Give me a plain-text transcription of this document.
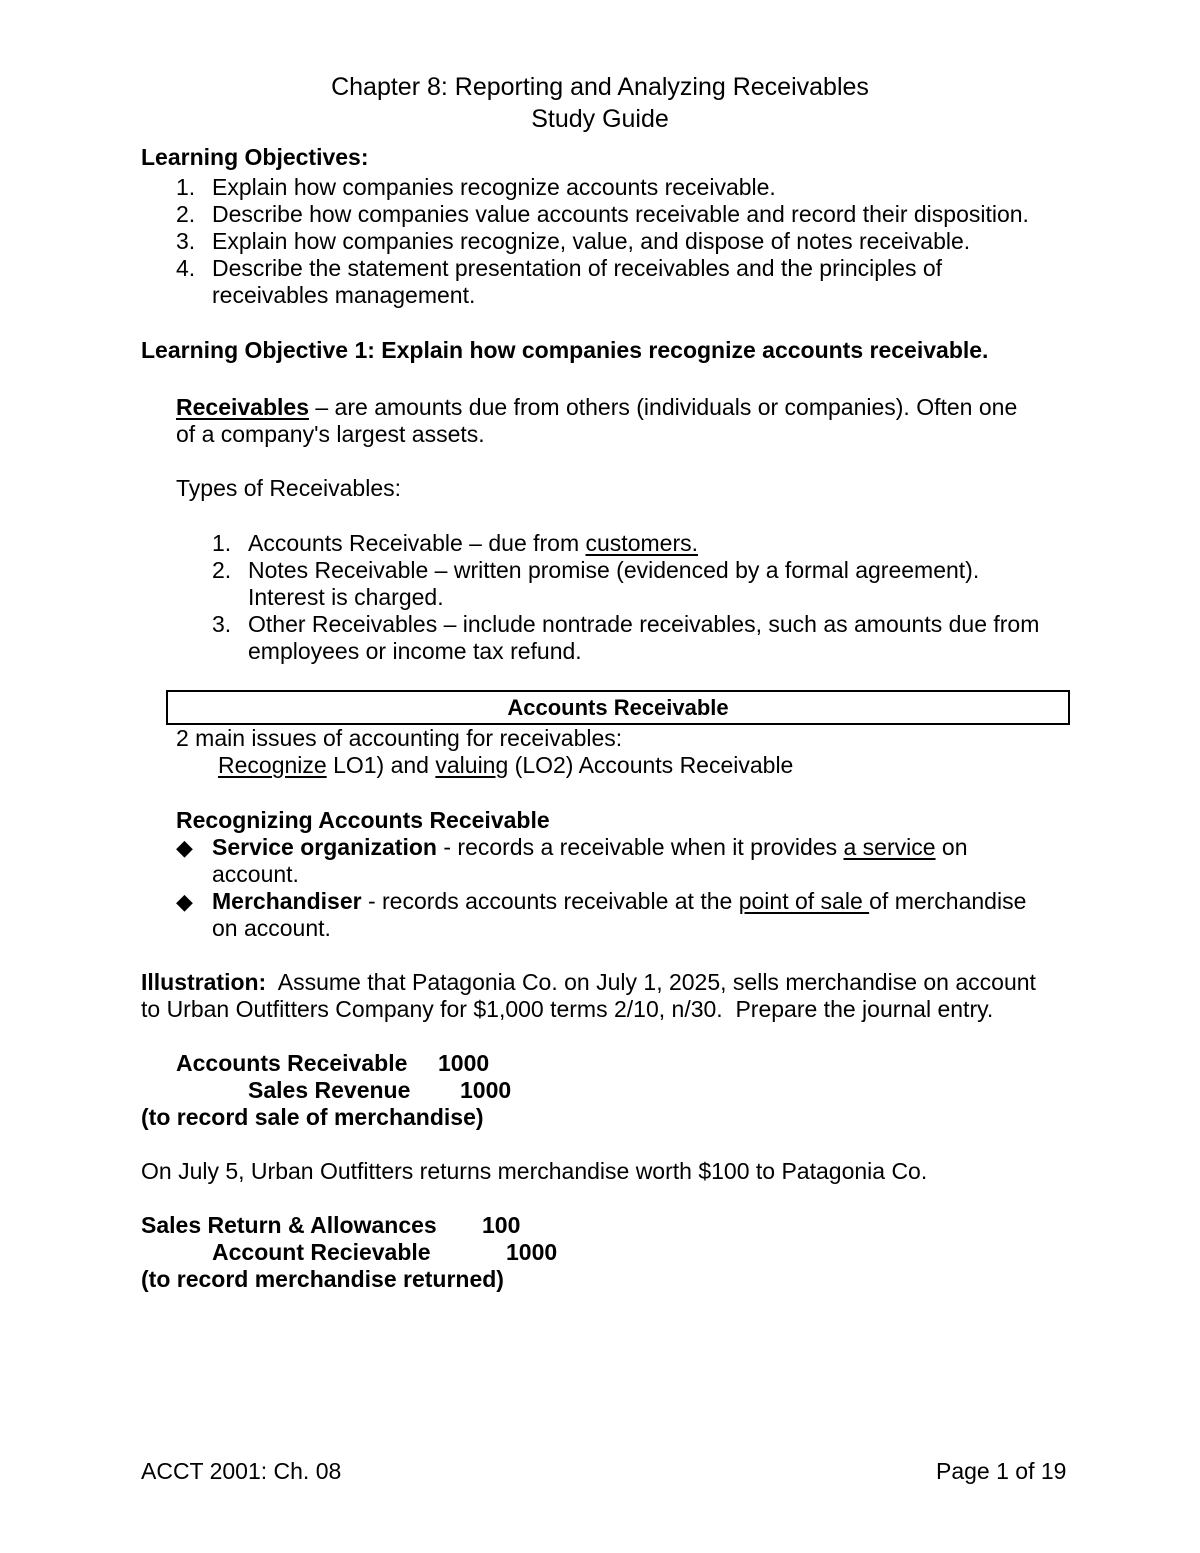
Chapter 8: Reporting and Analyzing Receivables
Study Guide
Learning Objectives:
1. Explain how companies recognize accounts receivable.
2. Describe how companies value accounts receivable and record their disposition.
3. Explain how companies recognize, value, and dispose of notes receivable.
4. Describe the statement presentation of receivables and the principles of
receivables management.
Learning Objective 1: Explain how companies recognize accounts receivable.
Receivables – are amounts due from others (individuals or companies). Often one
of a company's largest assets.
Types of Receivables:
1. Accounts Receivable – due from customers.
2. Notes Receivable – written promise (evidenced by a formal agreement).
Interest is charged.
3. Other Receivables – include nontrade receivables, such as amounts due from
employees or income tax refund.
Accounts Receivable
2 main issues of accounting for receivables:
Recognize LO1) and valuing (LO2) Accounts Receivable
Recognizing Accounts Receivable
◆ Service organization - records a receivable when it provides a service on
account.
◆ Merchandiser - records accounts receivable at the point of sale of merchandise
on account.
Illustration:  Assume that Patagonia Co. on July 1, 2025, sells merchandise on account
to Urban Outfitters Company for $1,000 terms 2/10, n/30.  Prepare the journal entry.
Accounts Receivable 1000
Sales Revenue 1000
(to record sale of merchandise)
On July 5, Urban Outfitters returns merchandise worth $100 to Patagonia Co.
Sales Return & Allowances 100
Account Recievable	1000
(to record merchandise returned)
ACCT 2001: Ch. 08	Page 1 of 19
